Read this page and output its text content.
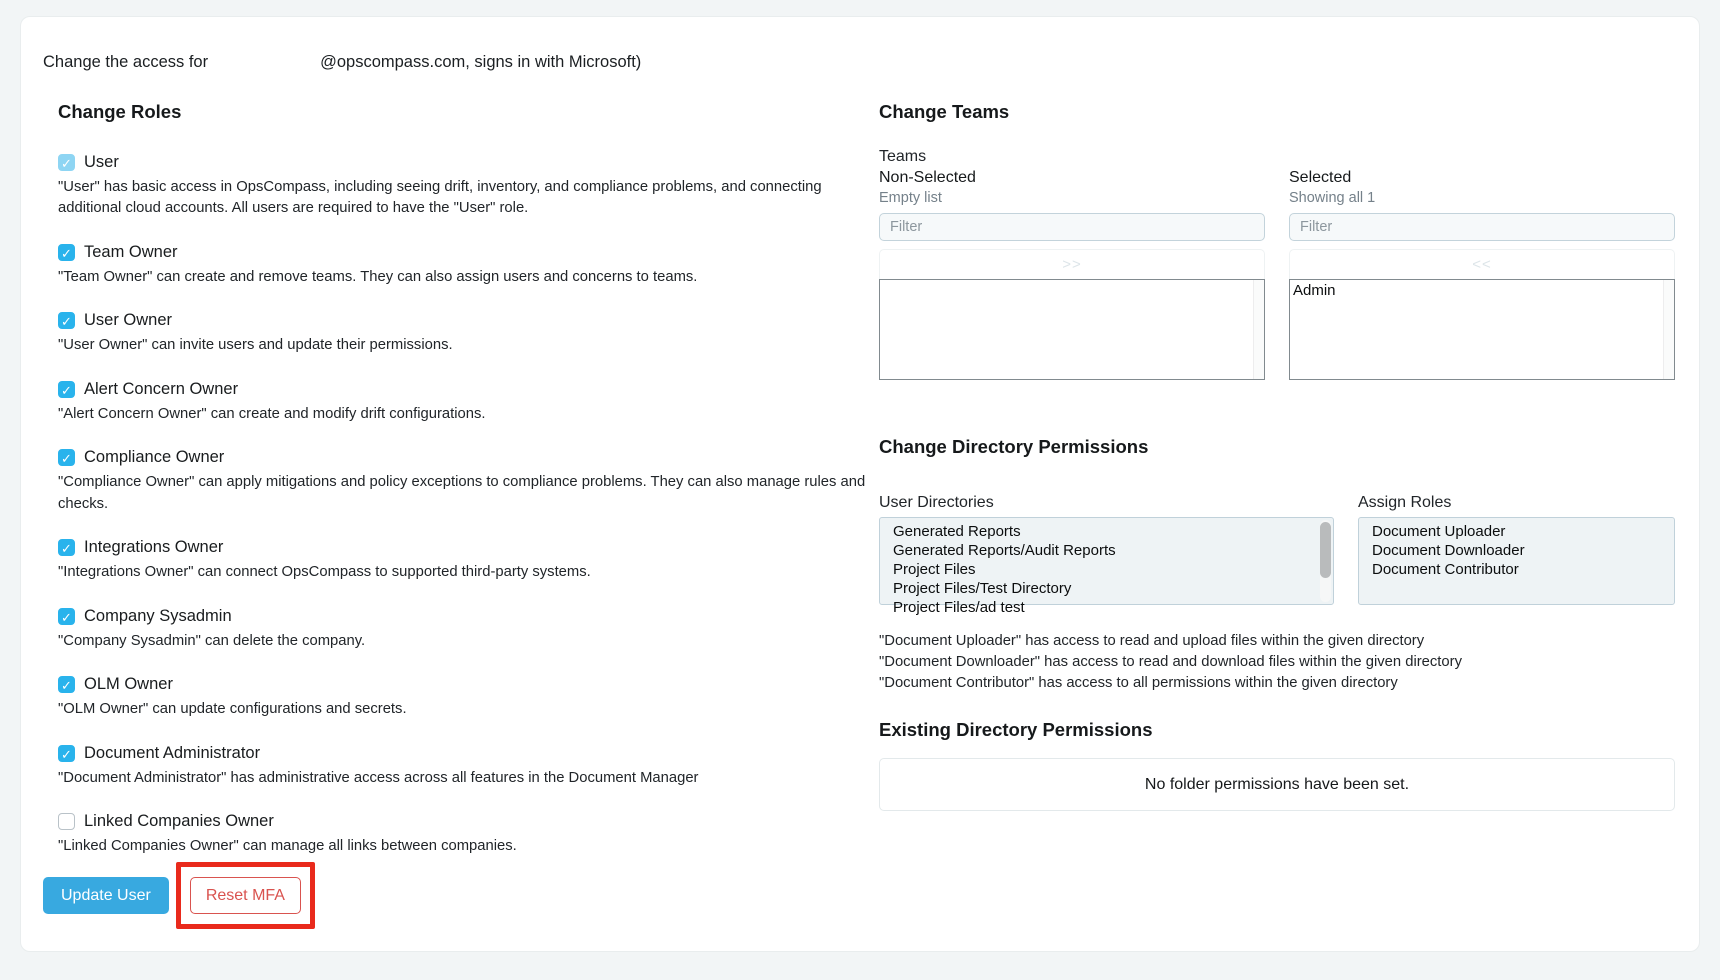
Change the access for	@opscompass.com, signs in with Microsoft)
Change Roles
✓
User
"User" has basic access in OpsCompass, including seeing drift, inventory, and compliance problems, and connecting additional cloud accounts. All users are required to have the "User" role.
✓
Team Owner
"Team Owner" can create and remove teams. They can also assign users and concerns to teams.
✓
User Owner
"User Owner" can invite users and update their permissions.
✓
Alert Concern Owner
"Alert Concern Owner" can create and modify drift configurations.
✓
Compliance Owner
"Compliance Owner" can apply mitigations and policy exceptions to compliance problems. They can also manage rules and checks.
✓
Integrations Owner
"Integrations Owner" can connect OpsCompass to supported third-party systems.
✓
Company Sysadmin
"Company Sysadmin" can delete the company.
✓
OLM Owner
"OLM Owner" can update configurations and secrets.
✓
Document Administrator
"Document Administrator" has administrative access across all features in the Document Manager
Linked Companies Owner
"Linked Companies Owner" can manage all links between companies.
Update User	Reset MFA
Change Teams
Teams
Non-Selected
Empty list
Filter >>
Selected
Showing all 1
Filter <<
Admin
Change Directory Permissions
User Directories
Generated Reports
Generated Reports/Audit Reports
Project Files
Project Files/Test Directory
Project Files/ad test
Assign Roles
Document Uploader
Document Downloader
Document Contributor
"Document Uploader" has access to read and upload files within the given directory
"Document Downloader" has access to read and download files within the given directory
"Document Contributor" has access to all permissions within the given directory
Existing Directory Permissions
No folder permissions have been set.
